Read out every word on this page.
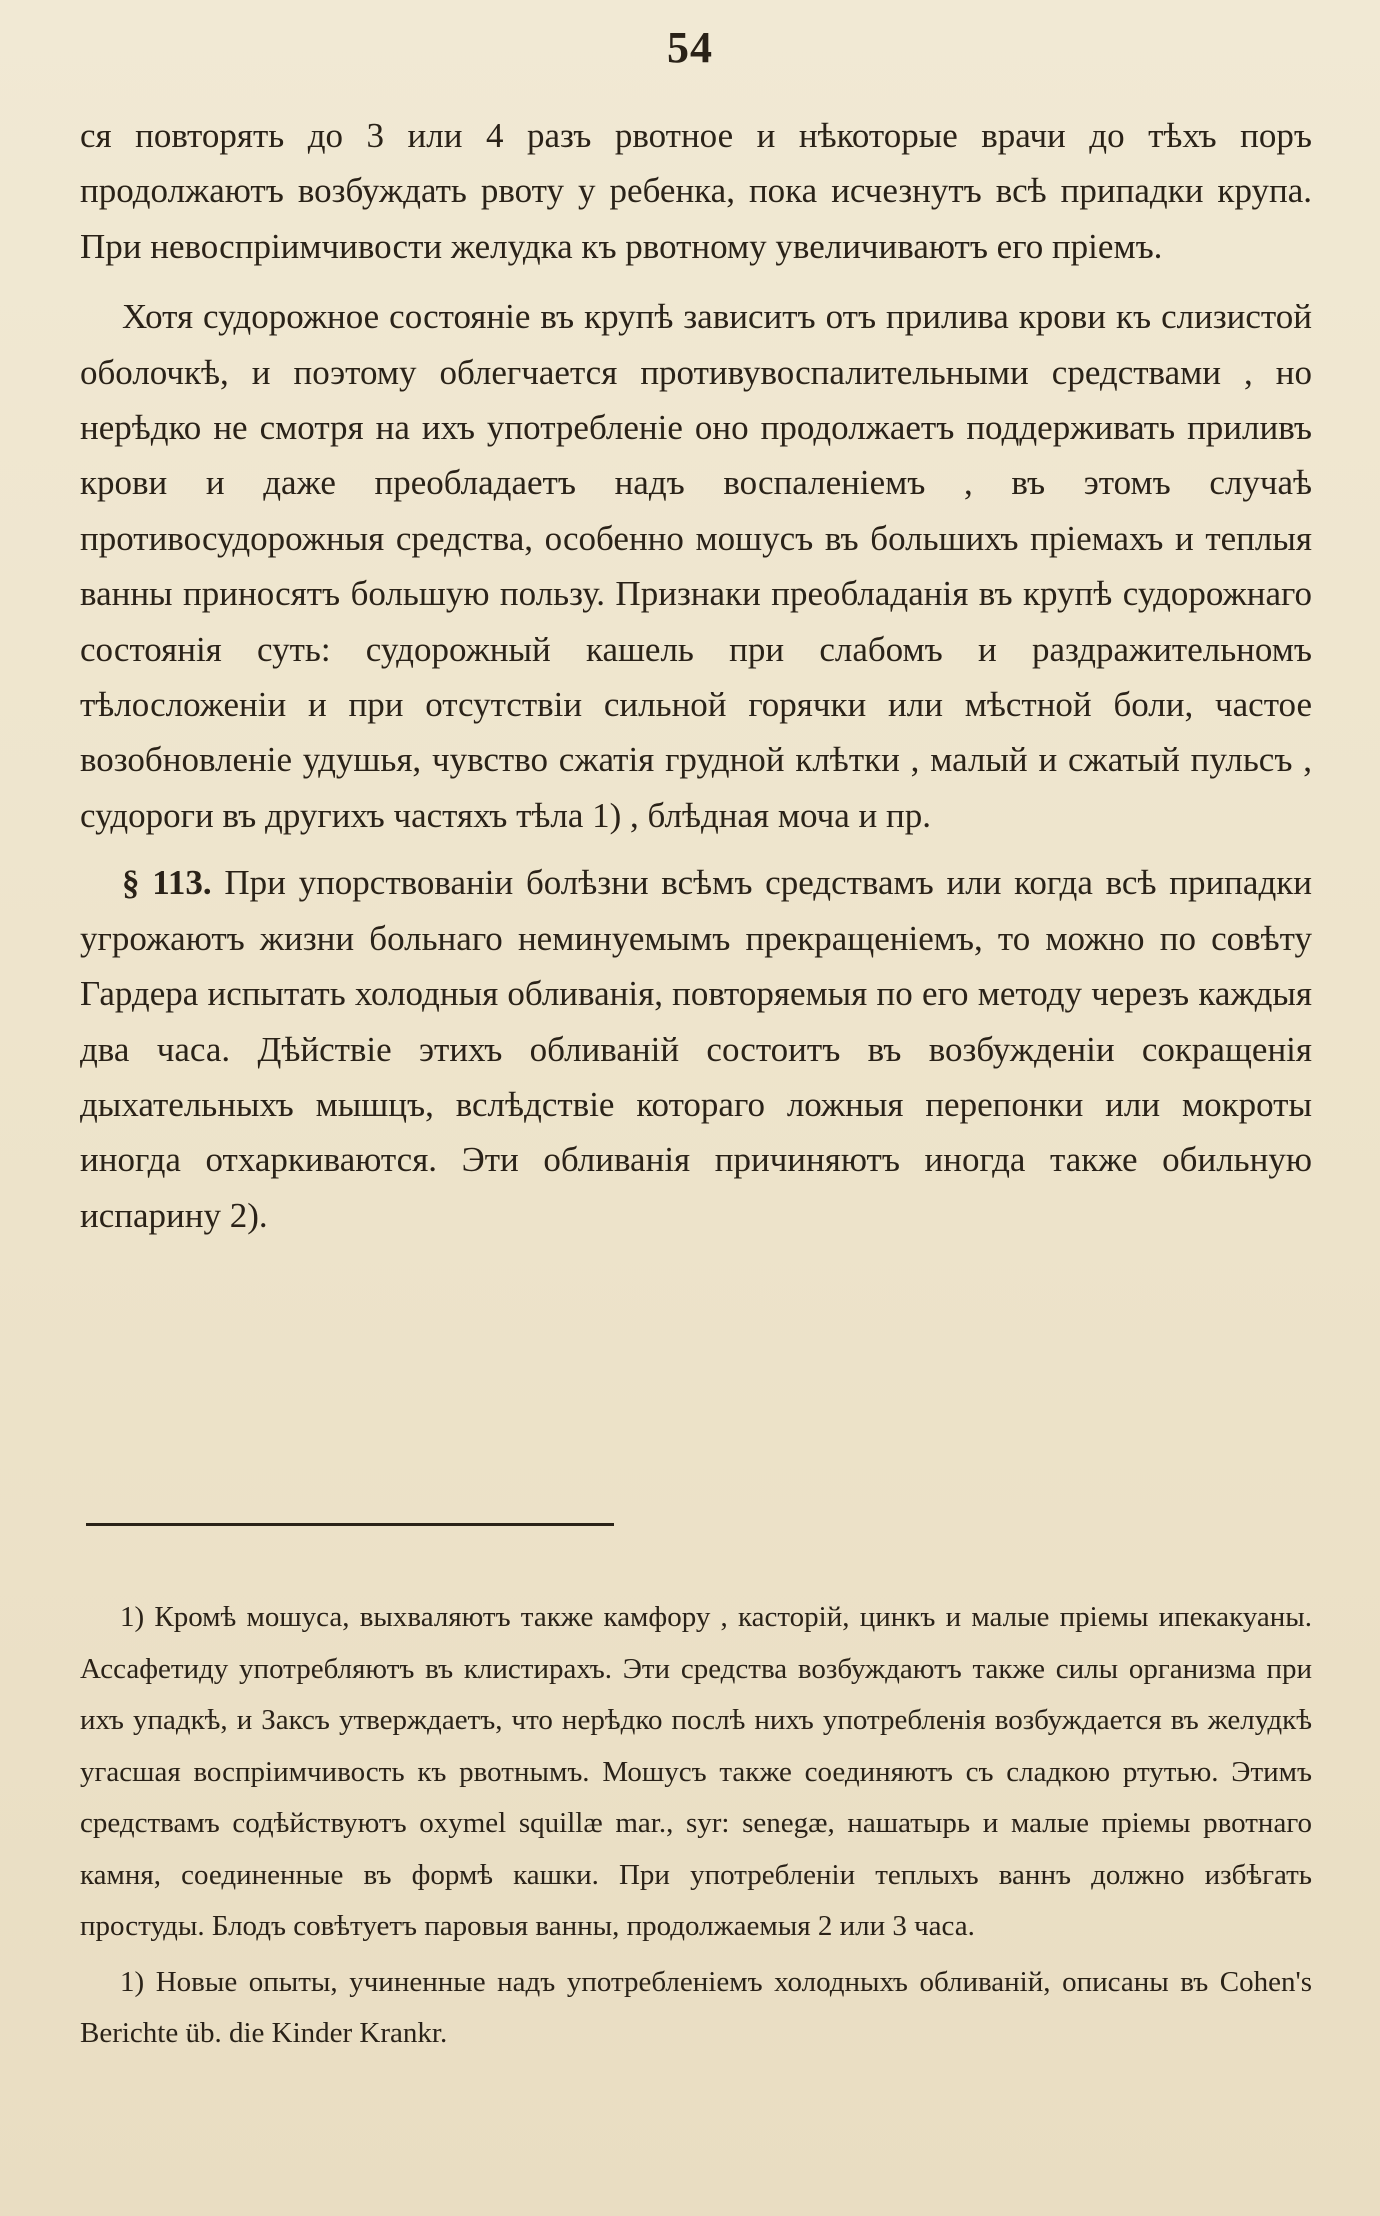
54

ся повторять до 3 или 4 разъ рвотное и нѣкоторые врачи до тѣхъ поръ продолжаютъ возбуждать рвоту у ребенка, пока исчезнутъ всѣ припадки крупа. При невоспріимчивости желудка къ рвотному увеличиваютъ его пріемъ.

Хотя судорожное состояніе въ крупѣ зависитъ отъ прилива крови къ слизистой оболочкѣ, и поэтому облегчается противувоспалительными средствами , но нерѣдко не смотря на ихъ употребленіе оно продолжаетъ поддерживать приливъ крови и даже преобладаетъ надъ воспаленіемъ , въ этомъ случаѣ противосудорожныя средства, особенно мошусъ въ большихъ пріемахъ и теплыя ванны приносятъ большую пользу. Признаки преобладанія въ крупѣ судорожнаго состоянія суть: судорожный кашель при слабомъ и раздражительномъ тѣлосложеніи и при отсутствіи сильной горячки или мѣстной боли, частое возобновленіе удушья, чувство сжатія грудной клѣтки , малый и сжатый пульсъ , судороги въ другихъ частяхъ тѣла 1) , блѣдная моча и пр.

§ 113. При упорствованіи болѣзни всѣмъ средствамъ или когда всѣ припадки угрожаютъ жизни больнаго неминуемымъ прекращеніемъ, то можно по совѣту Гардера испытать холодныя обливанія, повторяемыя по его методу черезъ каждыя два часа. Дѣйствіе этихъ обливаній состоитъ въ возбужденіи сокращенія дыхательныхъ мышцъ, вслѣдствіе котораго ложныя перепонки или мокроты иногда отхаркиваются. Эти обливанія причиняютъ иногда также обильную испарину 2).

1) Кромѣ мошуса, выхваляютъ также камфору , касторій, цинкъ и малые пріемы ипекакуаны. Ассафетиду употребляютъ въ клистирахъ. Эти средства возбуждаютъ также силы организма при ихъ упадкѣ, и Заксъ утверждаетъ, что нерѣдко послѣ нихъ употребленія возбуждается въ желудкѣ угасшая воспріимчивость къ рвотнымъ. Мошусъ также соединяютъ съ сладкою ртутью. Этимъ средствамъ содѣйствуютъ oxymel squillæ mar., syr: senegæ, нашатырь и малые пріемы рвотнаго камня, соединенные въ формѣ кашки. При употребленіи теплыхъ ваннъ должно избѣгать простуды. Блодъ совѣтуетъ паровыя ванны, продолжаемыя 2 или 3 часа.

1) Новые опыты, учиненные надъ употребленіемъ холодныхъ обливаній, описаны въ Cohen's Berichte üb. die Kinder Krankr.
